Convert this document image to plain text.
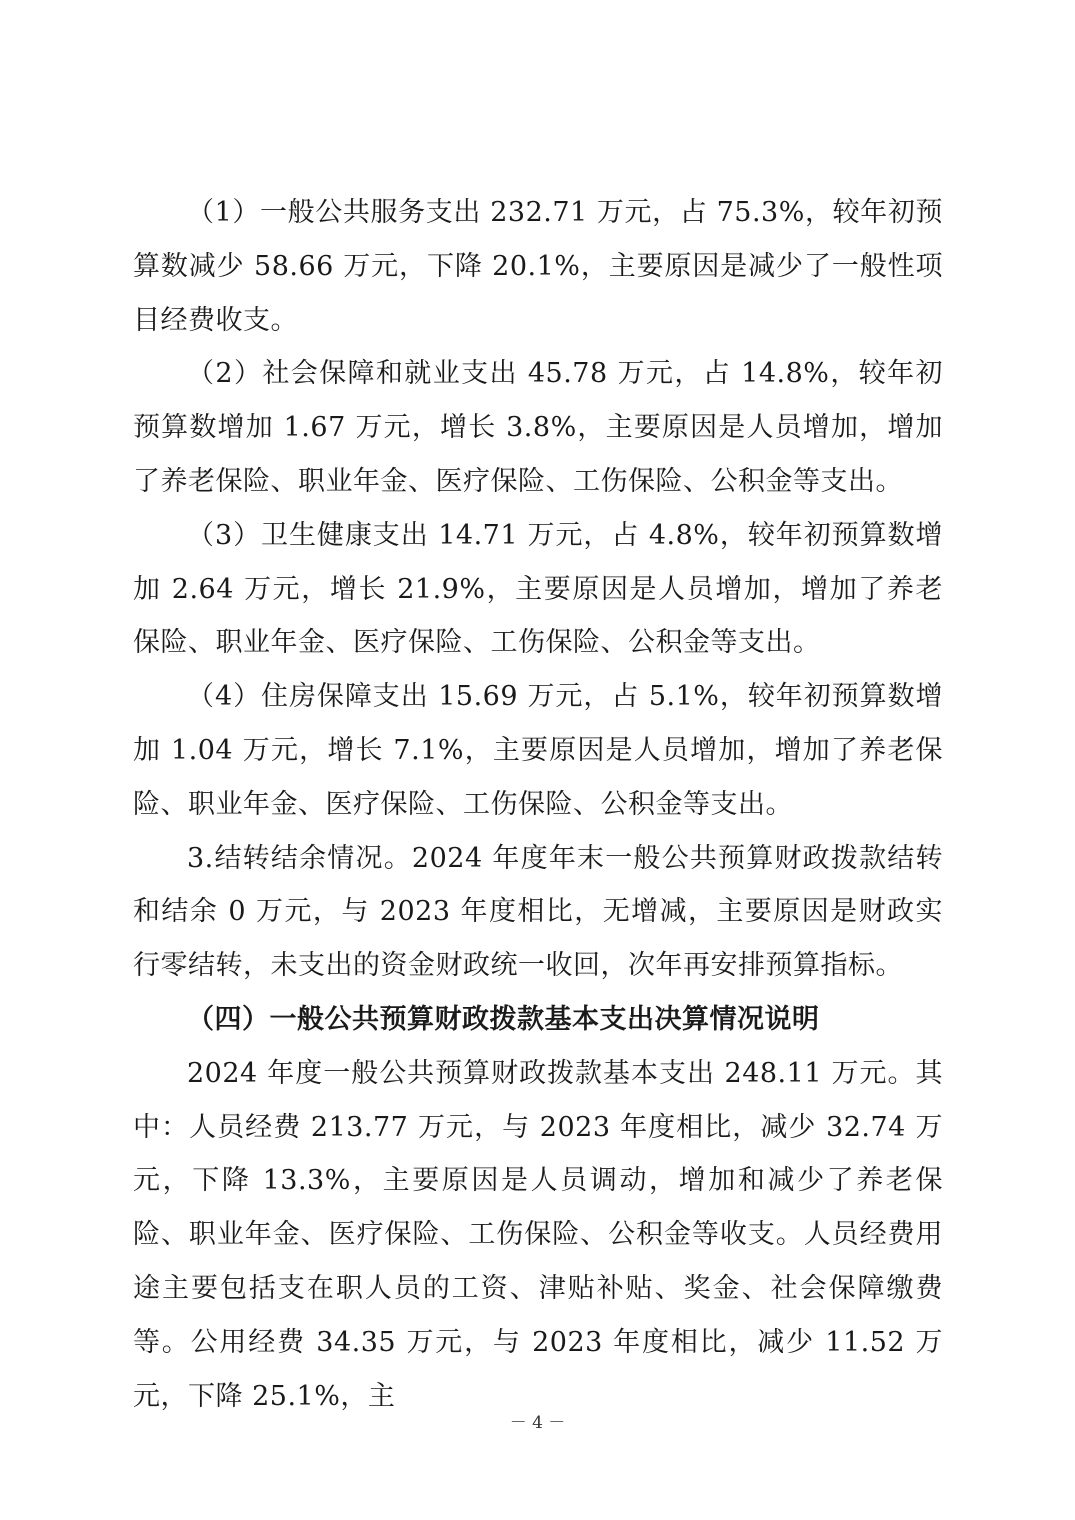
（1）一般公共服务支出 232.71 万元，占 75.3%，较年初预算数减少 58.66 万元，下降 20.1%，主要原因是减少了一般性项目经费收支。

（2）社会保障和就业支出 45.78 万元，占 14.8%，较年初预算数增加 1.67 万元，增长 3.8%，主要原因是人员增加，增加了养老保险、职业年金、医疗保险、工伤保险、公积金等支出。

（3）卫生健康支出 14.71 万元，占 4.8%，较年初预算数增加 2.64 万元，增长 21.9%，主要原因是人员增加，增加了养老保险、职业年金、医疗保险、工伤保险、公积金等支出。

（4）住房保障支出 15.69 万元，占 5.1%，较年初预算数增加 1.04 万元，增长 7.1%，主要原因是人员增加，增加了养老保险、职业年金、医疗保险、工伤保险、公积金等支出。

3.结转结余情况。2024 年度年末一般公共预算财政拨款结转和结余 0 万元，与 2023 年度相比，无增减，主要原因是财政实行零结转，未支出的资金财政统一收回，次年再安排预算指标。

（四）一般公共预算财政拨款基本支出决算情况说明

2024 年度一般公共预算财政拨款基本支出 248.11 万元。其中：人员经费 213.77 万元，与 2023 年度相比，减少 32.74 万元，下降 13.3%，主要原因是人员调动，增加和减少了养老保险、职业年金、医疗保险、工伤保险、公积金等收支。人员经费用途主要包括支在职人员的工资、津贴补贴、奖金、社会保障缴费等。公用经费 34.35 万元，与 2023 年度相比，减少 11.52 万元，下降 25.1%，主

－ 4 －
